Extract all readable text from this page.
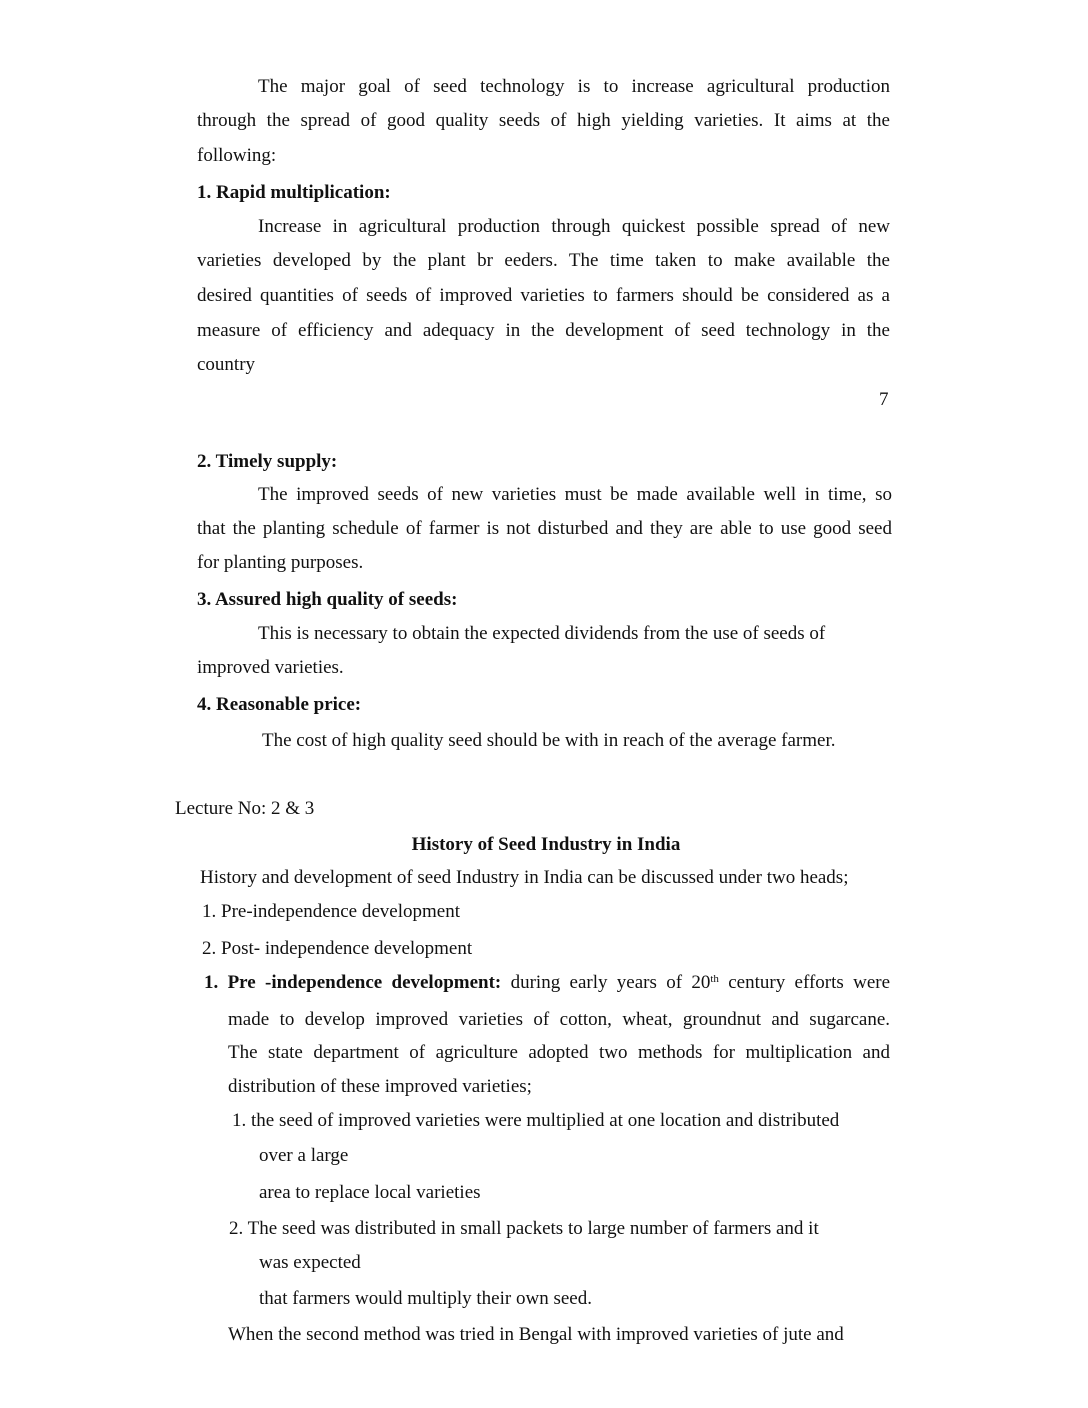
The major goal of seed technology is to increase agricultural production
through the spread of good quality seeds of high yielding varieties. It aims at the
following:
1. Rapid multiplication:
Increase in agricultural production through quickest possible spread of new
varieties developed by the plant br eeders. The time taken to make available the
desired quantities of seeds of improved varieties to farmers should be considered as a
measure of efficiency and adequacy in the development of seed technology in the
country
7
2. Timely supply:
The improved seeds of new varieties must be made available well in time, so
that the planting schedule of farmer is not disturbed and they are able to use good seed
for planting purposes.
3. Assured high quality of seeds:
This is necessary to obtain the expected dividends from the use of seeds of
improved varieties.
4. Reasonable price:
The cost of high quality seed should be with in reach of the average farmer.
Lecture No: 2 & 3
History of Seed Industry in India
History and development of seed Industry in India can be discussed under two heads;
1. Pre-independence development
2. Post- independence development
1. Pre -independence development: during early years of 20th century efforts were
made to develop improved varieties of cotton, wheat, groundnut and sugarcane.
The state department of agriculture adopted two methods for multiplication and
distribution of these improved varieties;
1. the seed of improved varieties were multiplied at one location and distributed
over a large
area to replace local varieties
2. The seed was distributed in small packets to large number of farmers and it
was expected
that farmers would multiply their own seed.
When the second method was tried in Bengal with improved varieties of jute and
